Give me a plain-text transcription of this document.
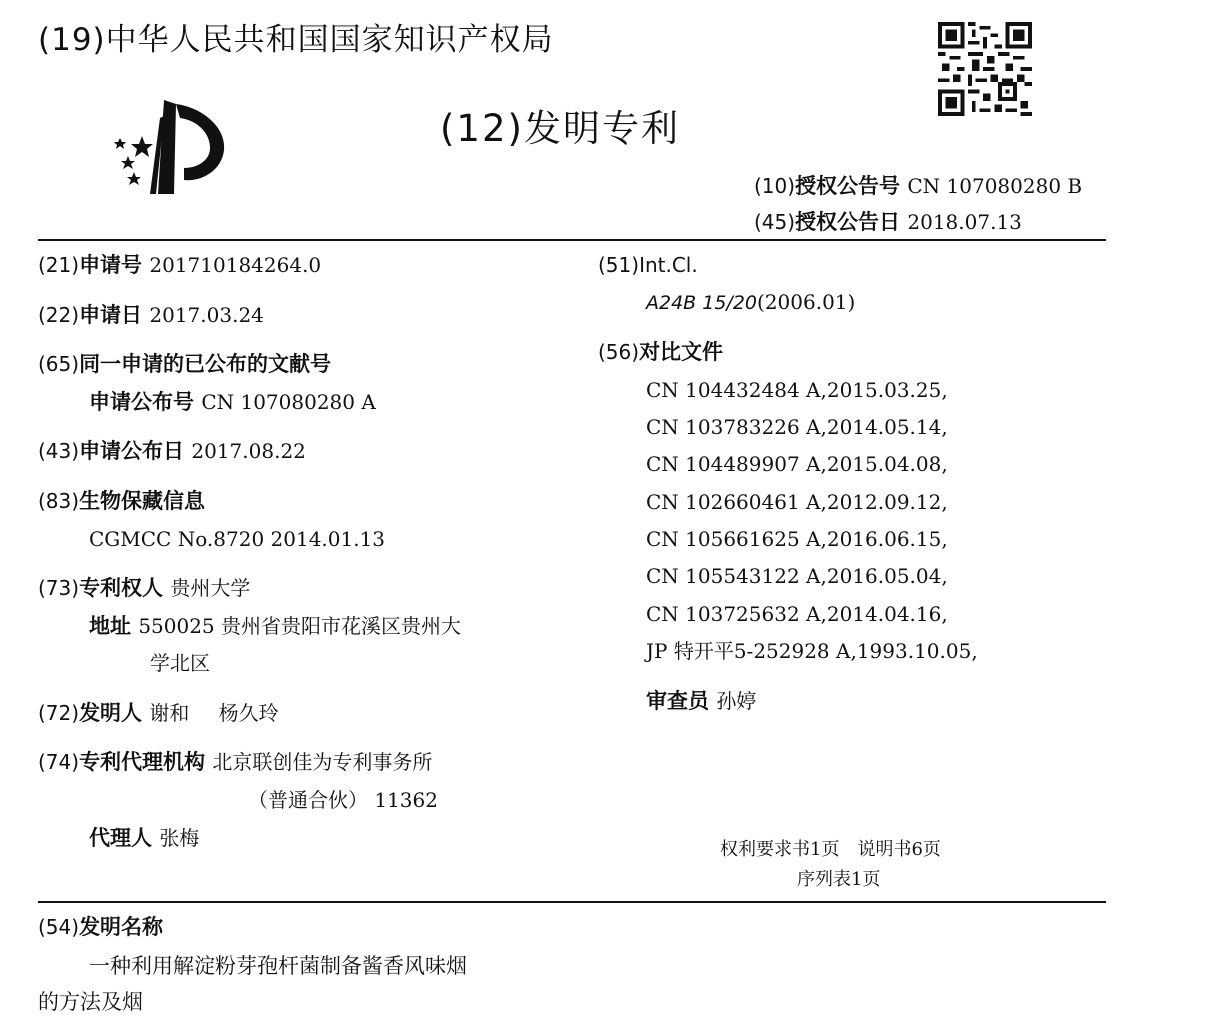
(19)中华人民共和国国家知识产权局
(12)发明专利
(10)授权公告号 CN 107080280 B
(45)授权公告日 2018.07.13
(21)申请号 201710184264.0
(22)申请日 2017.03.24
(65)同一申请的已公布的文献号
申请公布号 CN 107080280 A
(43)申请公布日 2017.08.22
(83)生物保藏信息
CGMCC No.8720 2014.01.13
(73)专利权人 贵州大学
地址 550025 贵州省贵阳市花溪区贵州大
学北区
(72)发明人 谢和 杨久玲
(74)专利代理机构 北京联创佳为专利事务所
（普通合伙） 11362
代理人 张梅
(51)Int.Cl.
A24B 15/20(2006.01)
(56)对比文件
CN 104432484 A,2015.03.25,
CN 103783226 A,2014.05.14,
CN 104489907 A,2015.04.08,
CN 102660461 A,2012.09.12,
CN 105661625 A,2016.06.15,
CN 105543122 A,2016.05.04,
CN 103725632 A,2014.04.16,
JP 特开平5-252928 A,1993.10.05,
审查员 孙婷
权利要求书1页　说明书6页
序列表1页
(54)发明名称
一种利用解淀粉芽孢杆菌制备酱香风味烟
的方法及烟
